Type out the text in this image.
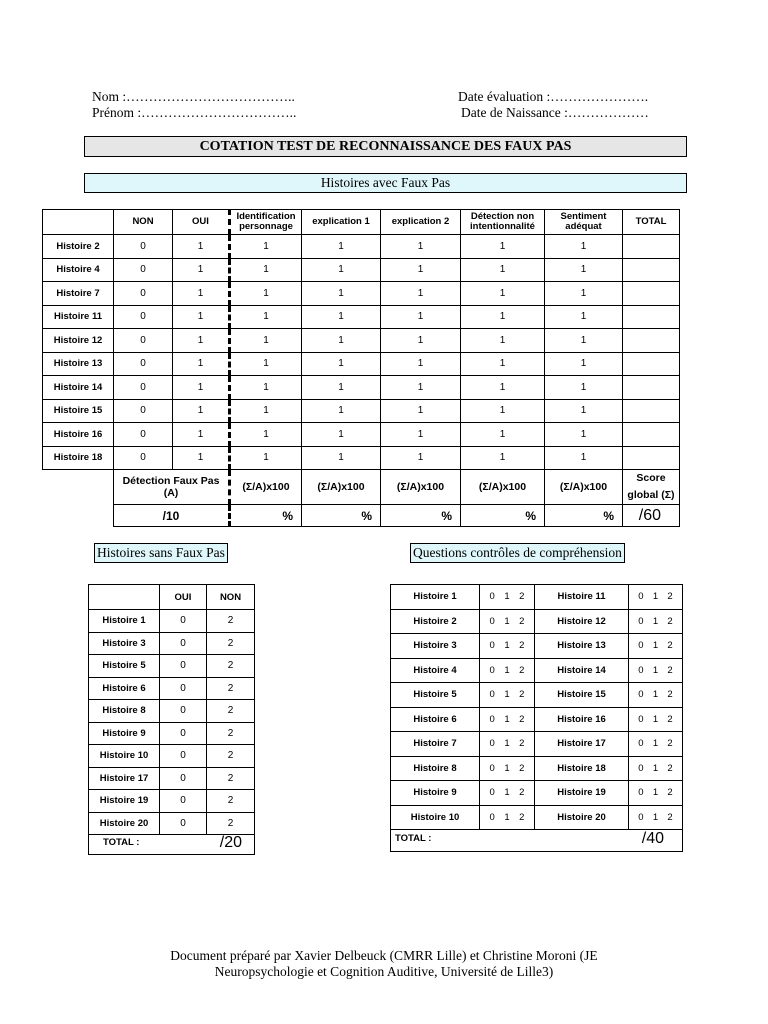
Nom :………………………………..
Prénom :……………………………..
Date évaluation :………………….
Date de Naissance :………………
COTATION TEST DE RECONNAISSANCE DES FAUX PAS
Histoires avec Faux Pas
	NON	OUI	Identification personnage	explication 1	explication 2	Détection non intentionnalité	Sentiment adéquat	TOTAL
Histoire 2	0	1	1	1	1	1	1	
Histoire 4	0	1	1	1	1	1	1	
Histoire 7	0	1	1	1	1	1	1	
Histoire 11	0	1	1	1	1	1	1	
Histoire 12	0	1	1	1	1	1	1	
Histoire 13	0	1	1	1	1	1	1	
Histoire 14	0	1	1	1	1	1	1	
Histoire 15	0	1	1	1	1	1	1	
Histoire 16	0	1	1	1	1	1	1	
Histoire 18	0	1	1	1	1	1	1	
	Détection Faux Pas (A)		(Σ/A)x100	(Σ/A)x100	(Σ/A)x100	(Σ/A)x100	(Σ/A)x100	Score global (Σ)
	/10		%	%	%	%	%	/60
Histoires sans Faux Pas
	OUI	NON
Histoire 1	0	2
Histoire 3	0	2
Histoire 5	0	2
Histoire 6	0	2
Histoire 8	0	2
Histoire 9	0	2
Histoire 10	0	2
Histoire 17	0	2
Histoire 19	0	2
Histoire 20	0	2
TOTAL : /20		
Questions contrôles de compréhension
Histoire 1	0 1 2	Histoire 11	0 1 2

Histoire 2	0 1 2	Histoire 12	0 1 2

Histoire 3	0 1 2	Histoire 13	0 1 2

Histoire 4	0 1 2	Histoire 14	0 1 2

Histoire 5	0 1 2	Histoire 15	0 1 2

Histoire 6	0 1 2	Histoire 16	0 1 2

Histoire 7	0 1 2	Histoire 17	0 1 2

Histoire 8	0 1 2	Histoire 18	0 1 2

Histoire 9	0 1 2	Histoire 19	0 1 2

Histoire 10	0 1 2	Histoire 20	0 1 2

TOTAL : /40			
Document préparé par Xavier Delbeuck (CMRR Lille) et Christine Moroni (JE
Neuropsychologie et Cognition Auditive, Université de Lille3)
